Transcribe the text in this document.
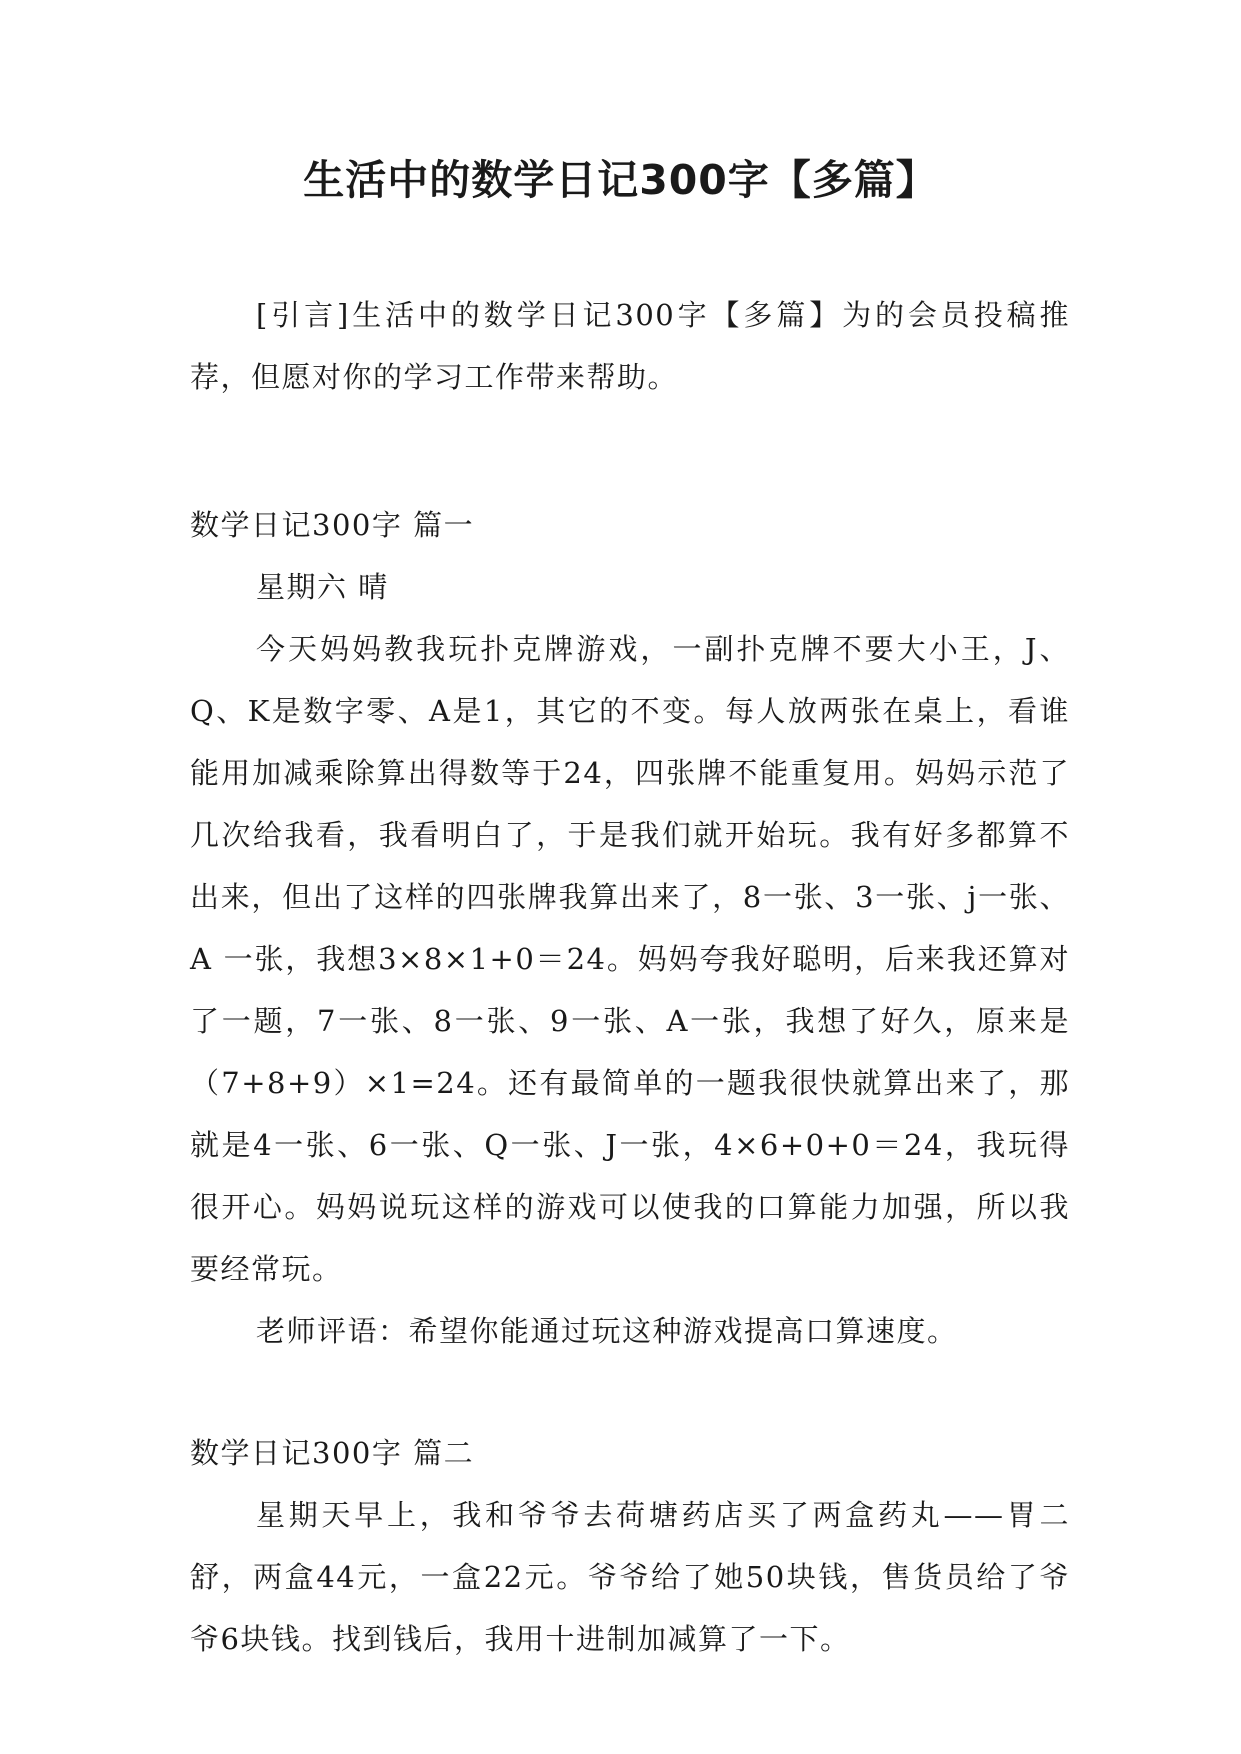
生活中的数学日记300字【多篇】

[引言]生活中的数学日记300字【多篇】为的会员投稿推荐，但愿对你的学习工作带来帮助。

数学日记300字 篇一

星期六 晴

今天妈妈教我玩扑克牌游戏，一副扑克牌不要大小王，J、Q、K是数字零、A是1，其它的不变。每人放两张在桌上，看谁能用加减乘除算出得数等于24，四张牌不能重复用。妈妈示范了几次给我看，我看明白了，于是我们就开始玩。我有好多都算不出来，但出了这样的四张牌我算出来了，8一张、3一张、j一张、A 一张，我想3×8×1+0＝24。妈妈夸我好聪明，后来我还算对了一题，7一张、8一张、9一张、A一张，我想了好久，原来是（7+8+9）×1=24。还有最简单的一题我很快就算出来了，那就是4一张、6一张、Q一张、J一张，4×6+0+0＝24，我玩得很开心。妈妈说玩这样的游戏可以使我的口算能力加强，所以我要经常玩。

老师评语：希望你能通过玩这种游戏提高口算速度。

数学日记300字 篇二

星期天早上，我和爷爷去荷塘药店买了两盒药丸——胃二舒，两盒44元，一盒22元。爷爷给了她50块钱，售货员给了爷爷6块钱。找到钱后，我用十进制加减算了一下。
